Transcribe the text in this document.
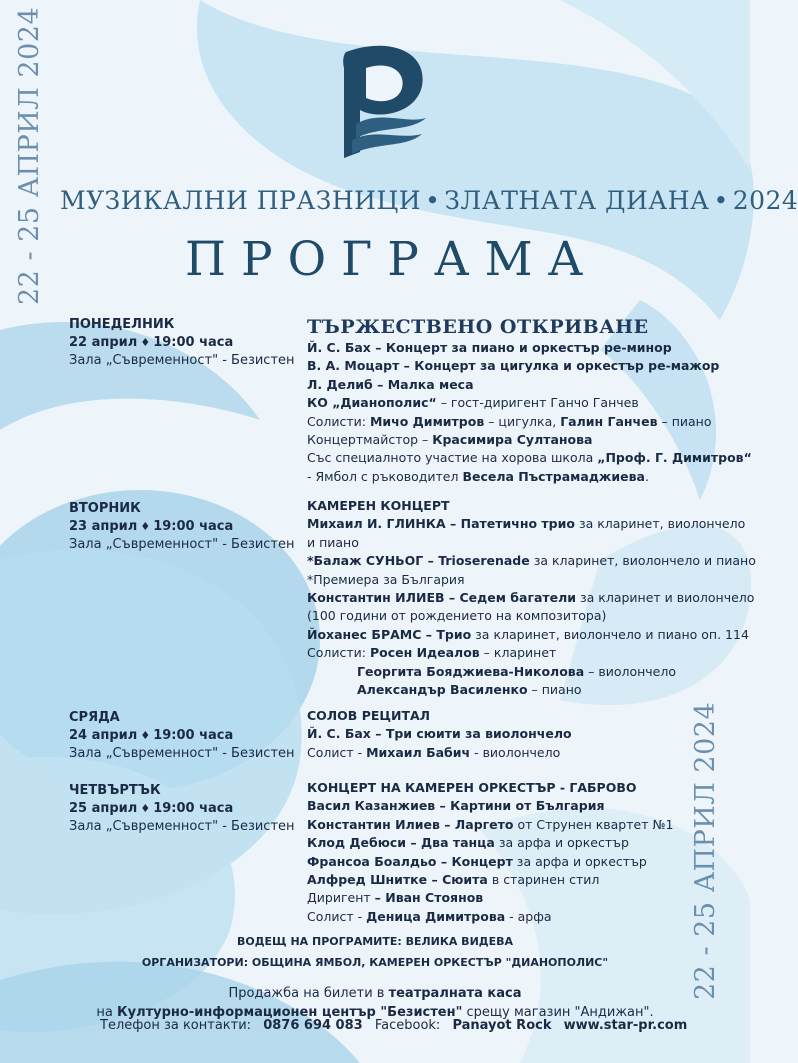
22 - 25 АПРИЛ 2024
22 - 25 АПРИЛ 2024
МУЗИКАЛНИ ПРАЗНИЦИ • ЗЛАТНАТА ДИАНА • 2024
ПРОГРАМА
ПОНЕДЕЛНИК
22 април ♦ 19:00 часа
Зала „Съвременност" - Безистен
ВТОРНИК
23 април ♦ 19:00 часа
Зала „Съвременност" - Безистен
СРЯДА
24 април ♦ 19:00 часа
Зала „Съвременност" - Безистен
ЧЕТВЪРТЪК
25 април ♦ 19:00 часа
Зала „Съвременност" - Безистен
ТЪРЖЕСТВЕНО ОТКРИВАНЕ
Й. С. Бах – Концерт за пиано и оркестър ре-минор
В. А. Моцарт – Концерт за цигулка и оркестър ре-мажор
Л. Делиб – Малка меса
КО „Дианополис“ – гост-диригент Ганчо Ганчев
Солисти: Мичо Димитров – цигулка, Галин Ганчев – пиано
Концертмайстор – Красимира Султанова
Със специалното участие на хорова школа „Проф. Г. Димитров“
- Ямбол с ръководител Весела Пъстрамаджиева.
КАМЕРЕН КОНЦЕРТ
Михаил И. ГЛИНКА – Патетично трио за кларинет, виолончело
и пиано
*Балаж СУНЬОГ – Trioserenade за кларинет, виолончело и пиано
*Премиера за България
Константин ИЛИЕВ – Седем багатели за кларинет и виолончело
(100 години от рождението на композитора)
Йоханес БРАМС – Трио за кларинет, виолончело и пиано оп. 114
Солисти: Росен Идеалов – кларинет
Георгита Бояджиева-Николова – виолончело
Александър Василенко – пиано
СОЛОВ РЕЦИТАЛ
Й. С. Бах – Три сюити за виолончело
Солист - Михаил Бабич - виолончело
КОНЦЕРТ НА КАМЕРЕН ОРКЕСТЪР - ГАБРОВО
Васил Казанжиев – Картини от България
Константин Илиев – Ларгето от Струнен квартет №1
Клод Дебюси – Два танца за арфа и оркестър
Франсоа Боалдьо – Концерт за арфа и оркестър
Алфред Шнитке – Сюита в старинен стил
Диригент – Иван Стоянов
Солист - Деница Димитрова - арфа
ВОДЕЩ НА ПРОГРАМИТЕ: ВЕЛИКА ВИДЕВА
ОРГАНИЗАТОРИ: ОБЩИНА ЯМБОЛ, КАМЕРЕН ОРКЕСТЪР "ДИАНОПОЛИС"
Продажба на билети в театралната каса
на Културно-информационен център "Безистен" срещу магазин "Андижан".
Телефон за контакти: 0876 694 083 Facebook: Panayot Rock www.star-pr.com
